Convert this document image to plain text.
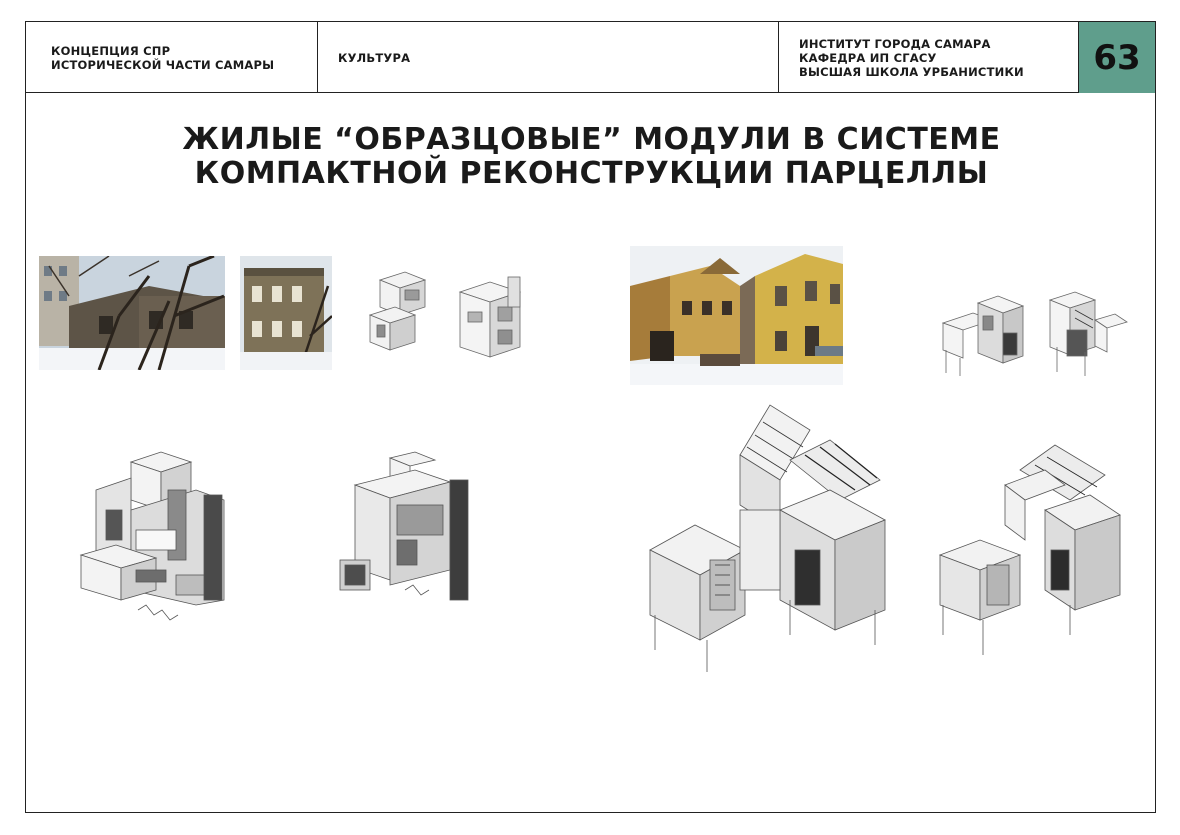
КОНЦЕПЦИЯ СПР
ИСТОРИЧЕСКОЙ ЧАСТИ САМАРЫ	КУЛЬТУРА
ИНСТИТУТ ГОРОДА САМАРА
КАФЕДРА ИП СГАСУ
ВЫСШАЯ ШКОЛА УРБАНИСТИКИ	63
ЖИЛЫЕ “ОБРАЗЦОВЫЕ” МОДУЛИ В СИСТЕМЕ
КОМПАКТНОЙ РЕКОНСТРУКЦИИ ПАРЦЕЛЛЫ
